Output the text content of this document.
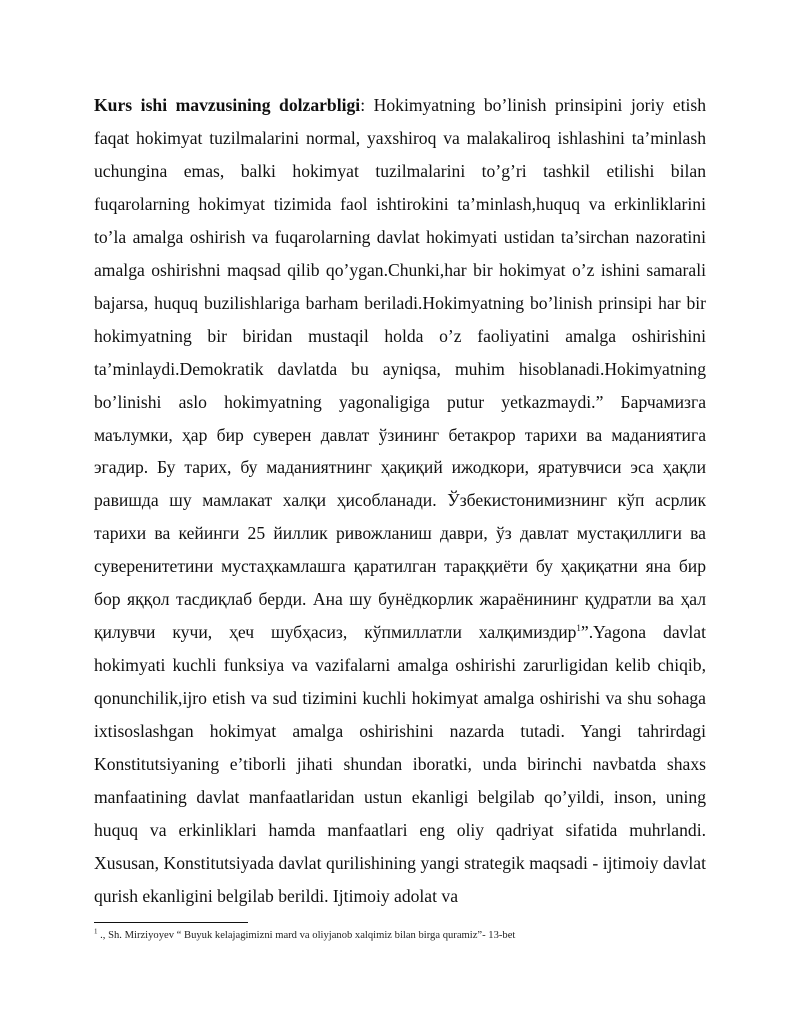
Kurs ishi mavzusining dolzarbligi: Hokimyatning bo’linish prinsipini joriy etish faqat hokimyat tuzilmalarini normal, yaxshiroq va malakaliroq ishlashini ta’minlash uchungina emas, balki hokimyat tuzilmalarini to’g’ri tashkil etilishi bilan fuqarolarning hokimyat tizimida faol ishtirokini ta’minlash,huquq va erkinliklarini to’la amalga oshirish va fuqarolarning davlat hokimyati ustidan ta’sirchan nazoratini amalga oshirishni maqsad qilib qo’ygan.Chunki,har bir hokimyat o’z ishini samarali bajarsa, huquq buzilishlariga barham beriladi.Hokimyatning bo’linish prinsipi har bir hokimyatning bir biridan mustaqil holda o’z faoliyatini amalga oshirishini ta’minlaydi.Demokratik davlatda bu ayniqsa, muhim hisoblanadi.Hokimyatning bo’linishi aslo hokimyatning yagonaligiga putur yetkazmaydi.” Барчамизга маълумки, ҳар бир суверен давлат ўзининг бетакрор тарихи ва маданиятига эгадир. Бу тарих, бу маданиятнинг ҳақиқий ижодкори, яратувчиси эса ҳақли равишда шу мамлакат халқи ҳисобланади. Ўзбекистонимизнинг кўп асрлик тарихи ва кейинги 25 йиллик ривожланиш даври, ўз давлат мустақиллиги ва суверенитетини мустаҳкамлашга қаратилган тараққиёти бу ҳақиқатни яна бир бор яққол тасдиқлаб берди. Ана шу бунёдкорлик жараёнининг қудратли ва ҳал қилувчи кучи, ҳеч шубҳасиз, кўпмиллатли халқимиздир$^1$”.Yagona davlat hokimyati kuchli funksiya va vazifalarni amalga oshirishi zarurligidan kelib chiqib, qonunchilik,ijro etish va sud tizimini kuchli hokimyat amalga oshirishi va shu sohaga ixtisoslashgan hokimyat amalga oshirishini nazarda tutadi. Yangi tahrirdagi Konstitutsiyaning e’tiborli jihati shundan iboratki, unda birinchi navbatda shaxs manfaatining davlat manfaatlaridan ustun ekanligi belgilab qo’yildi, inson, uning huquq va erkinliklari hamda manfaatlari eng oliy qadriyat sifatida muhrlandi. Xususan, Konstitutsiyada davlat qurilishining yangi strategik maqsadi - ijtimoiy davlat qurish ekanligini belgilab berildi. Ijtimoiy adolat va

$^1$ ., Sh. Mirziyoyev “ Buyuk kelajagimizni mard va oliyjanob xalqimiz bilan birga quramiz”- 13-bet
